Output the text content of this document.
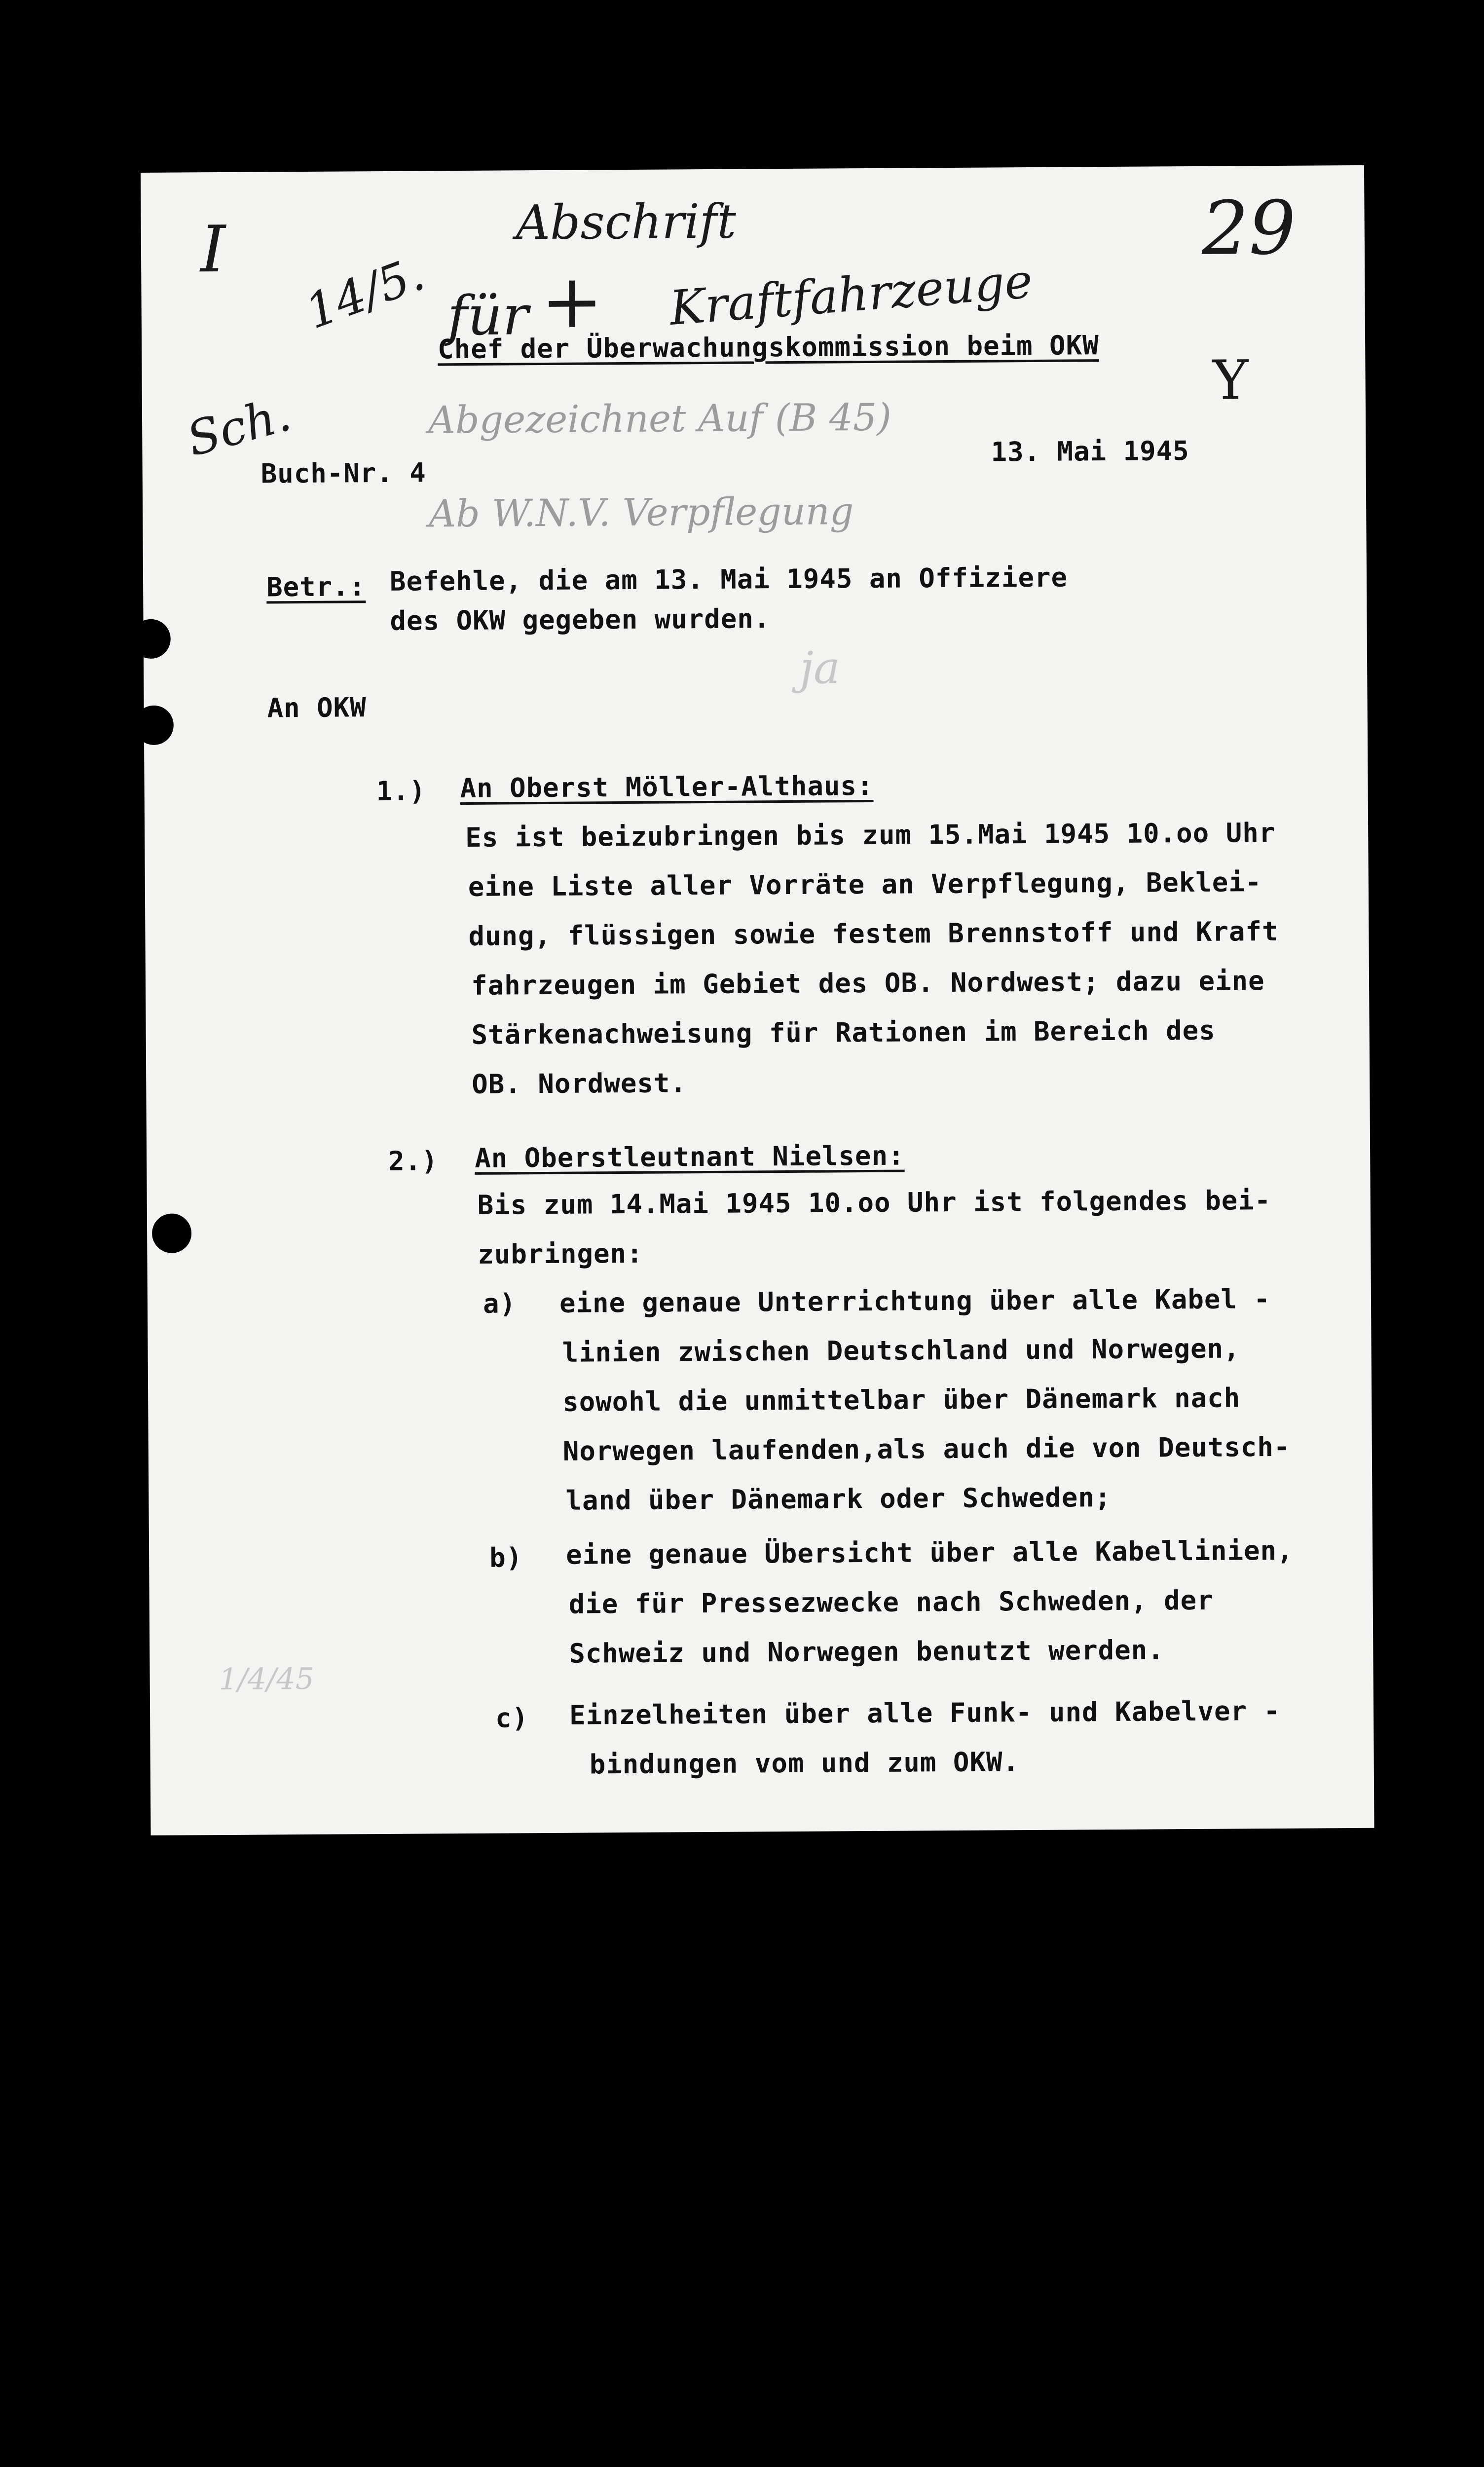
I 14/5.
Sch.
Abschrift
für + Kraftfahrzeuge
29
Y
Abgezeichnet Auf (B 45)
Ab W.N.V. Verpflegung
ja
1/4/45
Chef der Überwachungskommission beim OKW
Buch-Nr. 4
13. Mai 1945
Betr.: Befehle, die am 13. Mai 1945 an Offiziere
des OKW gegeben wurden.
An OKW
1.) An Oberst Möller-Althaus:
Es ist beizubringen bis zum 15.Mai 1945 10.oo Uhr
eine Liste aller Vorräte an Verpflegung, Beklei-
dung, flüssigen sowie festem Brennstoff und Kraft
fahrzeugen im Gebiet des OB. Nordwest; dazu eine
Stärkenachweisung für Rationen im Bereich des
OB. Nordwest.
2.) An Oberstleutnant Nielsen:
Bis zum 14.Mai 1945 10.oo Uhr ist folgendes bei-
zubringen:
a) eine genaue Unterrichtung über alle Kabel -
linien zwischen Deutschland und Norwegen,
sowohl die unmittelbar über Dänemark nach
Norwegen laufenden,als auch die von Deutsch-
land über Dänemark oder Schweden;
b) eine genaue Übersicht über alle Kabellinien,
die für Pressezwecke nach Schweden, der
Schweiz und Norwegen benutzt werden.
c) Einzelheiten über alle Funk- und Kabelver -
bindungen vom und zum OKW.
